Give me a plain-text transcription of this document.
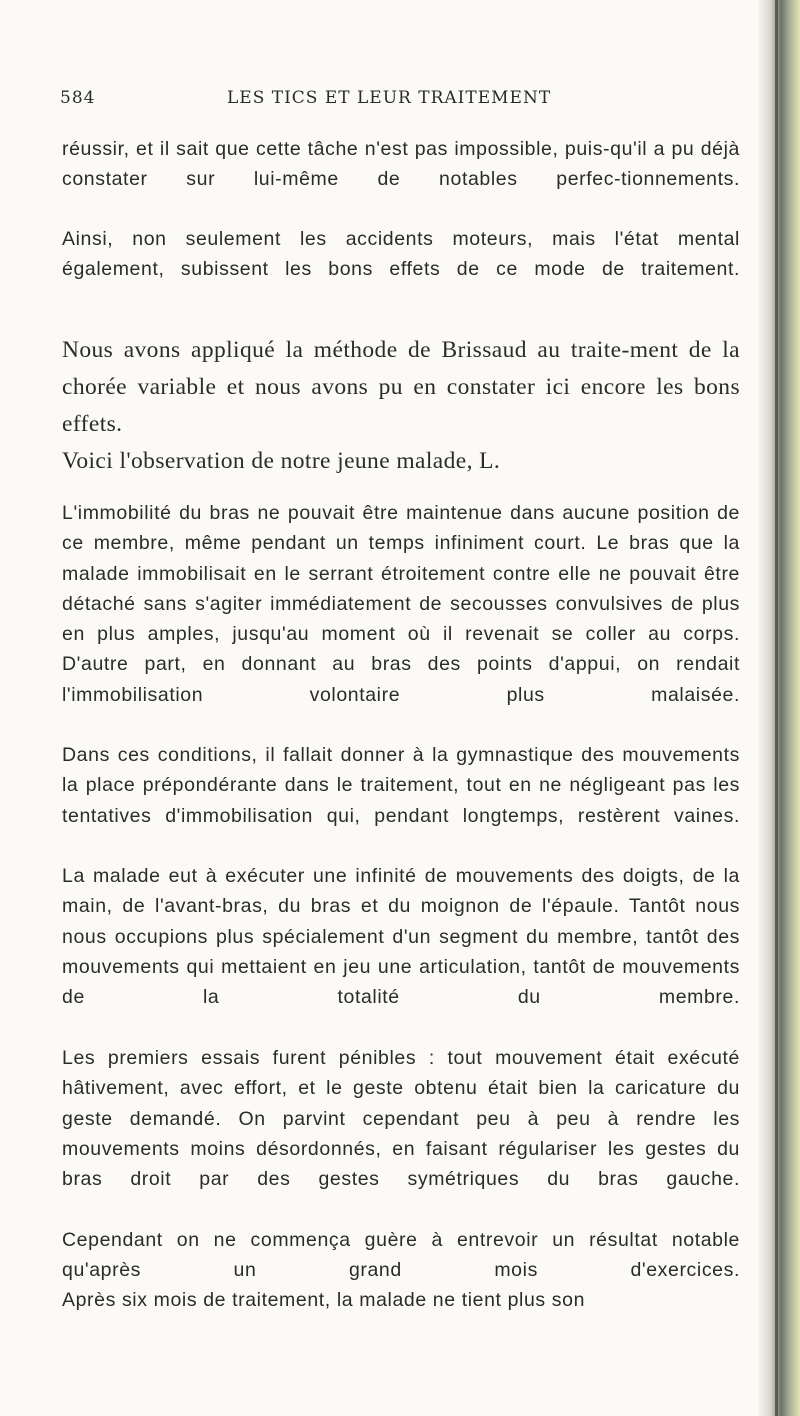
584	LES TICS ET LEUR TRAITEMENT

réussir, et il sait que cette tâche n'est pas impossible, puis-qu'il a pu déjà constater sur lui-même de notables perfec-tionnements.

Ainsi, non seulement les accidents moteurs, mais l'état mental également, subissent les bons effets de ce mode de traitement.

Nous avons appliqué la méthode de Brissaud au traite-ment de la chorée variable et nous avons pu en constater ici encore les bons effets.

Voici l'observation de notre jeune malade, L.

L'immobilité du bras ne pouvait être maintenue dans aucune position de ce membre, même pendant un temps infiniment court. Le bras que la malade immobilisait en le serrant étroitement contre elle ne pouvait être détaché sans s'agiter immédiatement de secousses convulsives de plus en plus amples, jusqu'au moment où il revenait se coller au corps. D'autre part, en donnant au bras des points d'appui, on rendait l'immobilisation volontaire plus malaisée.

Dans ces conditions, il fallait donner à la gymnastique des mouvements la place prépondérante dans le traitement, tout en ne négligeant pas les tentatives d'immobilisation qui, pendant longtemps, restèrent vaines.

La malade eut à exécuter une infinité de mouvements des doigts, de la main, de l'avant-bras, du bras et du moignon de l'épaule. Tantôt nous nous occupions plus spécialement d'un segment du membre, tantôt des mouvements qui mettaient en jeu une articulation, tantôt de mouvements de la totalité du membre.

Les premiers essais furent pénibles : tout mouvement était exécuté hâtivement, avec effort, et le geste obtenu était bien la caricature du geste demandé. On parvint cependant peu à peu à rendre les mouvements moins désordonnés, en faisant régulariser les gestes du bras droit par des gestes symétriques du bras gauche.

Cependant on ne commença guère à entrevoir un résultat notable qu'après un grand mois d'exercices.

Après six mois de traitement, la malade ne tient plus son
